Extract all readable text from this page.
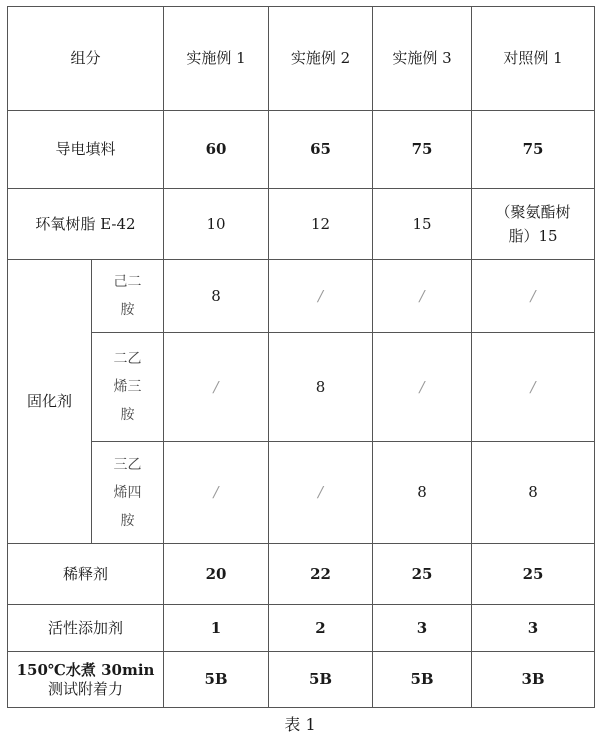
组分		实施例 1	实施例 2	实施例 3	对照例 1
导电填料		60	65	75	75
环氧树脂 E-42		10	12	15	（聚氨酯树
脂）15
固化剂	己二
胺	8	/	/	/
	二乙
烯三
胺	/	8	/	/
	三乙
烯四
胺	/	/	8	8
稀释剂		20	22	25	25
活性添加剂		1	2	3	3
150℃水煮 30min
测试附着力		5B	5B	5B	3B
表 1
